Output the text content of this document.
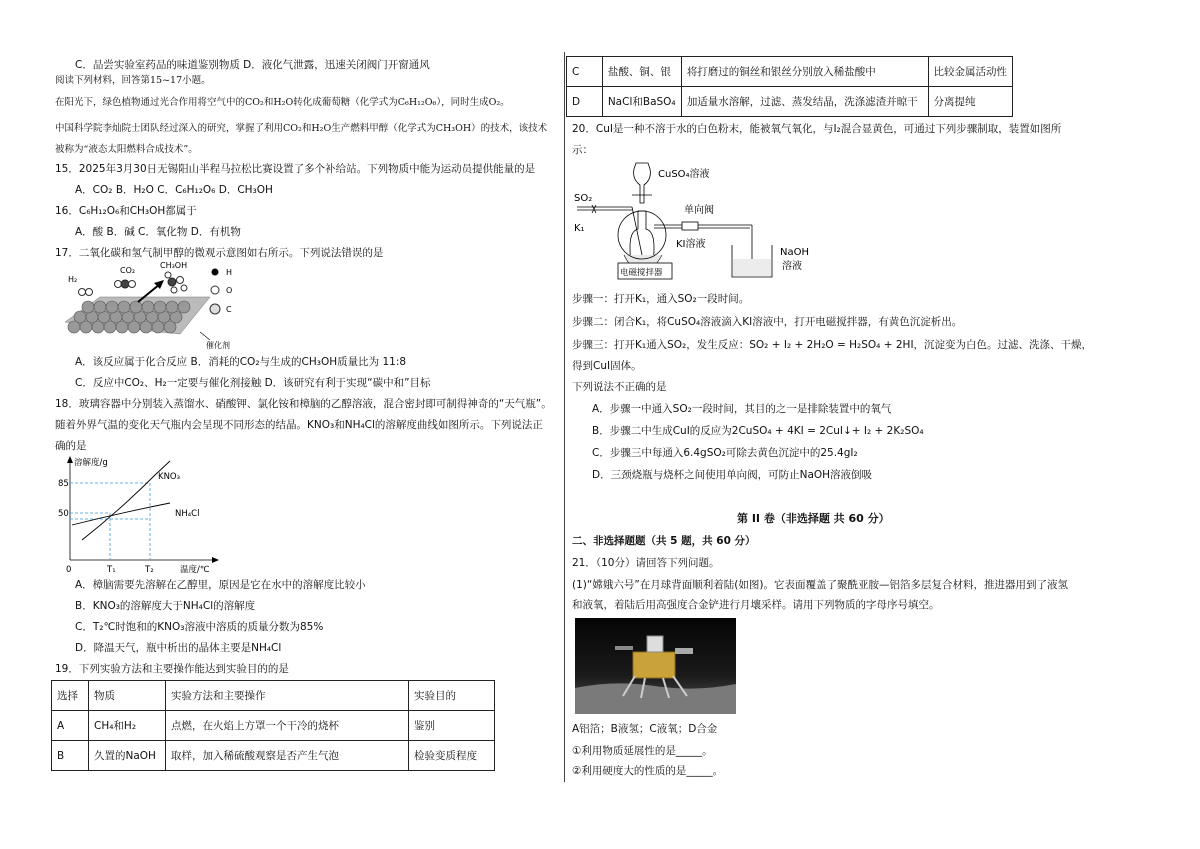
C．品尝实验室药品的味道鉴别物质 D．液化气泄露，迅速关闭阀门开窗通风
阅读下列材料，回答第15~17小题。
在阳光下，绿色植物通过光合作用将空气中的CO₂和H₂O转化成葡萄糖（化学式为C₆H₁₂O₆），同时生成O₂。
中国科学院李灿院士团队经过深入的研究，掌握了利用CO₂和H₂O生产燃料甲醇（化学式为CH₃OH）的技术，该技术被称为“液态太阳燃料合成技术”。
15．2025年3月30日无锡阳山半程马拉松比赛设置了多个补给站。下列物质中能为运动员提供能量的是
A．CO₂ B．H₂O C．C₆H₁₂O₆ D．CH₃OH
16．C₆H₁₂O₆和CH₃OH都属于
A．酸 B．碱 C．氧化物 D．有机物
17．二氧化碳和氢气制甲醇的微观示意图如右所示。下列说法错误的是
H₂
CO₂
CH₃OH
催化剂
H
O
C
A．该反应属于化合反应 B．消耗的CO₂与生成的CH₃OH质量比为 11:8
C．反应中CO₂、H₂一定要与催化剂接触 D．该研究有利于实现“碳中和”目标
18．玻璃容器中分别装入蒸馏水、硝酸钾、氯化铵和樟脑的乙醇溶液，混合密封即可制得神奇的“天气瓶”。
随着外界气温的变化天气瓶内会呈现不同形态的结晶。KNO₃和NH₄Cl的溶解度曲线如图所示。下列说法正
确的是
溶解度/g
温度/℃
85
50
0	T₁	T₂
KNO₃
NH₄Cl
A．樟脑需要先溶解在乙醇里，原因是它在水中的溶解度比较小
B．KNO₃的溶解度大于NH₄Cl的溶解度
C．T₂℃时饱和的KNO₃溶液中溶质的质量分数为85%
D．降温天气，瓶中析出的晶体主要是NH₄Cl
19．下列实验方法和主要操作能达到实验目的的是
选择	物质	实验方法和主要操作	实验目的
A	CH₄和H₂	点燃，在火焰上方罩一个干冷的烧杯	鉴别
B	久置的NaOH	取样，加入稀硫酸观察是否产生气泡	检验变质程度
C	盐酸、铜、银	将打磨过的铜丝和银丝分别放入稀盐酸中	比较金属活动性
D	NaCl和BaSO₄	加适量水溶解，过滤、蒸发结晶，洗涤滤渣并晾干	分离提纯
20．CuI是一种不溶于水的白色粉末，能被氧气氧化，与I₂混合显黄色，可通过下列步骤制取，装置如图所
示：
SO₂
K₁
CuSO₄溶液
KI溶液
电磁搅拌器
单向阀
NaOH
溶液
步骤一：打开K₁，通入SO₂一段时间。
步骤二：闭合K₁，将CuSO₄溶液滴入KI溶液中，打开电磁搅拌器，有黄色沉淀析出。
步骤三：打开K₁通入SO₂，发生反应：SO₂ + I₂ + 2H₂O = H₂SO₄ + 2HI，沉淀变为白色。过滤、洗涤、干燥，
得到CuI固体。
下列说法不正确的是
A．步骤一中通入SO₂一段时间，其目的之一是排除装置中的氧气
B．步骤二中生成CuI的反应为2CuSO₄ + 4KI = 2CuI↓+ I₂ + 2K₂SO₄
C．步骤三中每通入6.4gSO₂可除去黄色沉淀中的25.4gI₂
D．三颈烧瓶与烧杯之间使用单向阀，可防止NaOH溶液倒吸
第 II 卷（非选择题 共 60 分）
二、非选择题题（共 5 题，共 60 分）
21．（10分）请回答下列问题。
(1)“嫦娥六号”在月球背面顺利着陆(如图)。它表面覆盖了聚酰亚胺—铝箔多层复合材料，推进器用到了液氢
和液氧，着陆后用高强度合金铲进行月壤采样。请用下列物质的字母序号填空。
A铝箔；B液氢；C液氧；D合金
①利用物质延展性的是_____。
②利用硬度大的性质的是_____。
